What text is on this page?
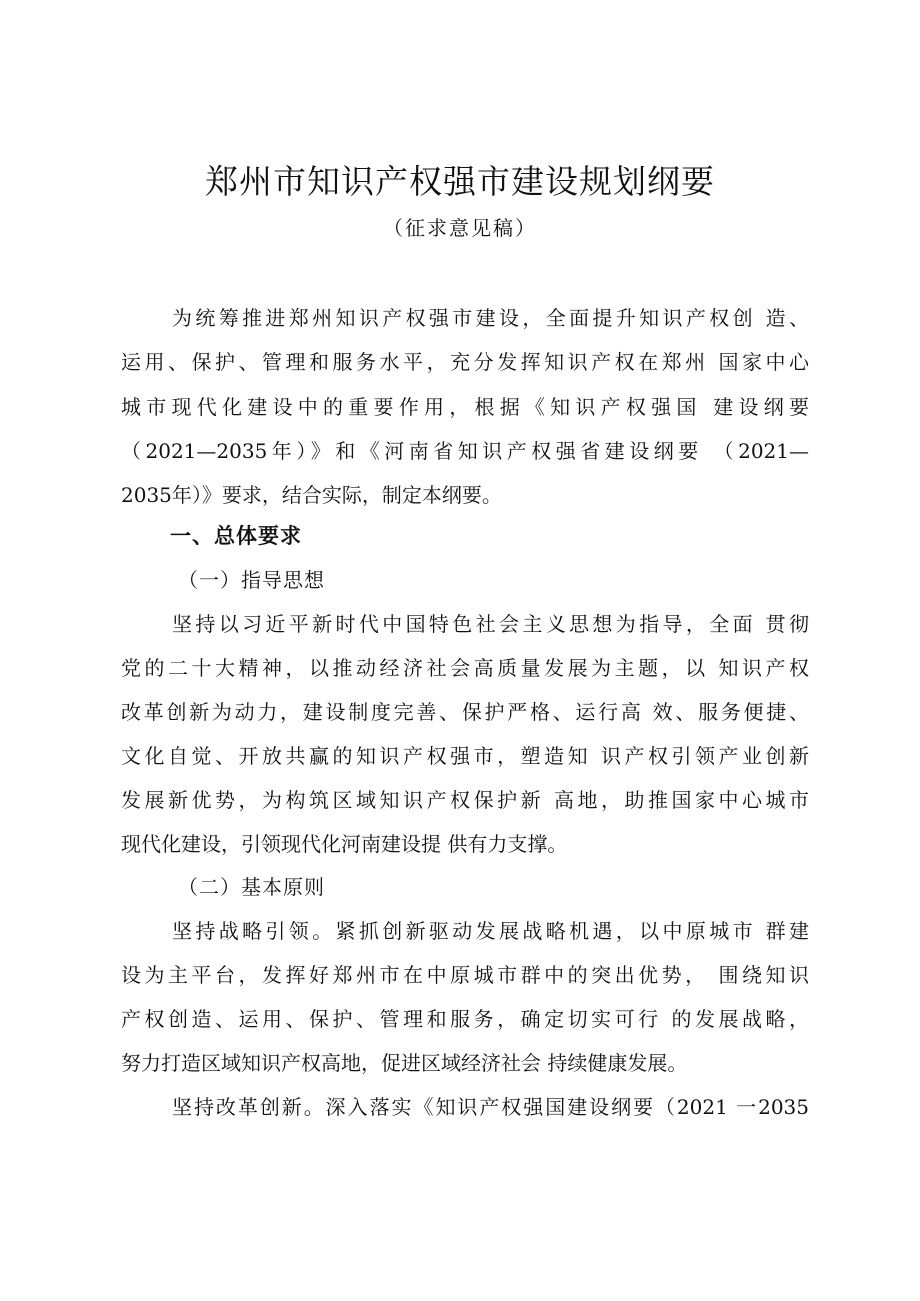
郑州市知识产权强市建设规划纲要
（征求意见稿）
为统筹推进郑州知识产权强市建设，全面提升知识产权创 造、
运用、保护、管理和服务水平，充分发挥知识产权在郑州 国家中心
城市现代化建设中的重要作用，根据《知识产权强国 建设纲要
（2021—2035年）》和《河南省知识产权强省建设纲要 （2021—
2035年）》要求，结合实际，制定本纲要。
一、总体要求
（一）指导思想
坚持以习近平新时代中国特色社会主义思想为指导，全面 贯彻
党的二十大精神，以推动经济社会高质量发展为主题，以 知识产权
改革创新为动力，建设制度完善、保护严格、运行高 效、服务便捷、
文化自觉、开放共赢的知识产权强市，塑造知 识产权引领产业创新
发展新优势，为构筑区域知识产权保护新 高地，助推国家中心城市
现代化建设，引领现代化河南建设提 供有力支撑。
（二）基本原则
坚持战略引领。紧抓创新驱动发展战略机遇，以中原城市 群建
设为主平台，发挥好郑州市在中原城市群中的突出优势， 围绕知识
产权创造、运用、保护、管理和服务，确定切实可行 的发展战略，
努力打造区域知识产权高地，促进区域经济社会 持续健康发展。
坚持改革创新。深入落实《知识产权强国建设纲要（2021 一2035
